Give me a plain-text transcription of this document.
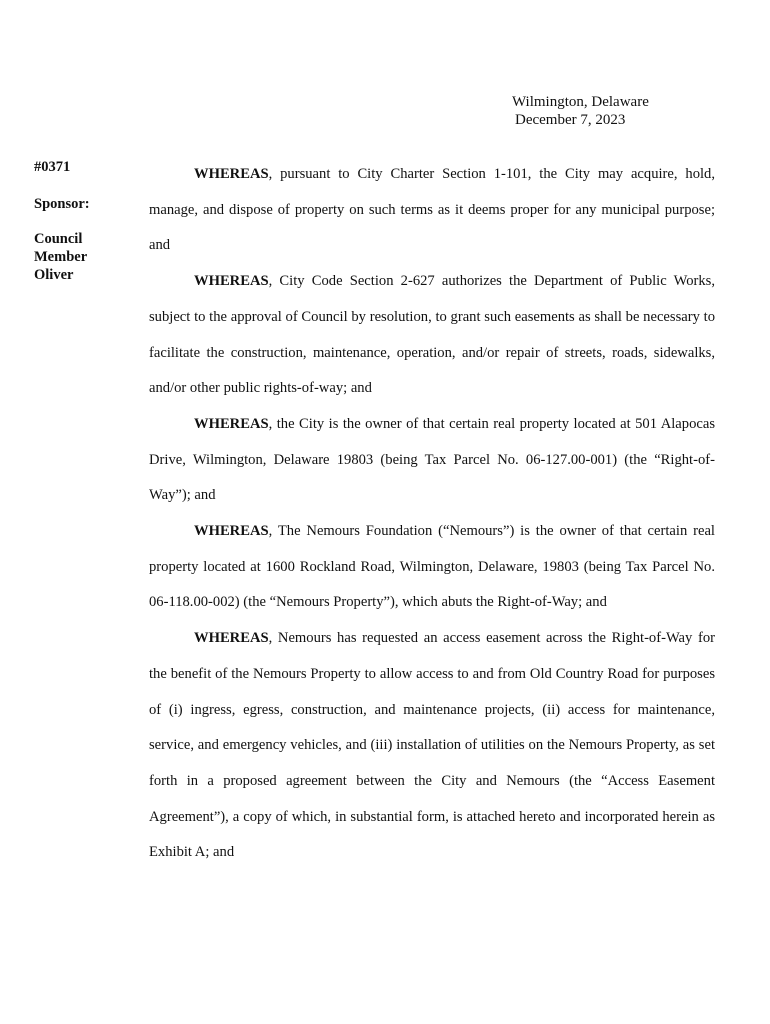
Wilmington, Delaware
December 7, 2023
#0371
Sponsor:
Council Member Oliver

WHEREAS, pursuant to City Charter Section 1-101, the City may acquire, hold, manage, and dispose of property on such terms as it deems proper for any municipal purpose; and

WHEREAS, City Code Section 2-627 authorizes the Department of Public Works, subject to the approval of Council by resolution, to grant such easements as shall be necessary to facilitate the construction, maintenance, operation, and/or repair of streets, roads, sidewalks, and/or other public rights-of-way; and

WHEREAS, the City is the owner of that certain real property located at 501 Alapocas Drive, Wilmington, Delaware 19803 (being Tax Parcel No. 06-127.00-001) (the “Right-of-Way”); and

WHEREAS, The Nemours Foundation (“Nemours”) is the owner of that certain real property located at 1600 Rockland Road, Wilmington, Delaware, 19803 (being Tax Parcel No. 06-118.00-002) (the “Nemours Property”), which abuts the Right-of-Way; and

WHEREAS, Nemours has requested an access easement across the Right-of-Way for the benefit of the Nemours Property to allow access to and from Old Country Road for purposes of (i) ingress, egress, construction, and maintenance projects, (ii) access for maintenance, service, and emergency vehicles, and (iii) installation of utilities on the Nemours Property, as set forth in a proposed agreement between the City and Nemours (the “Access Easement Agreement”), a copy of which, in substantial form, is attached hereto and incorporated herein as Exhibit A; and
